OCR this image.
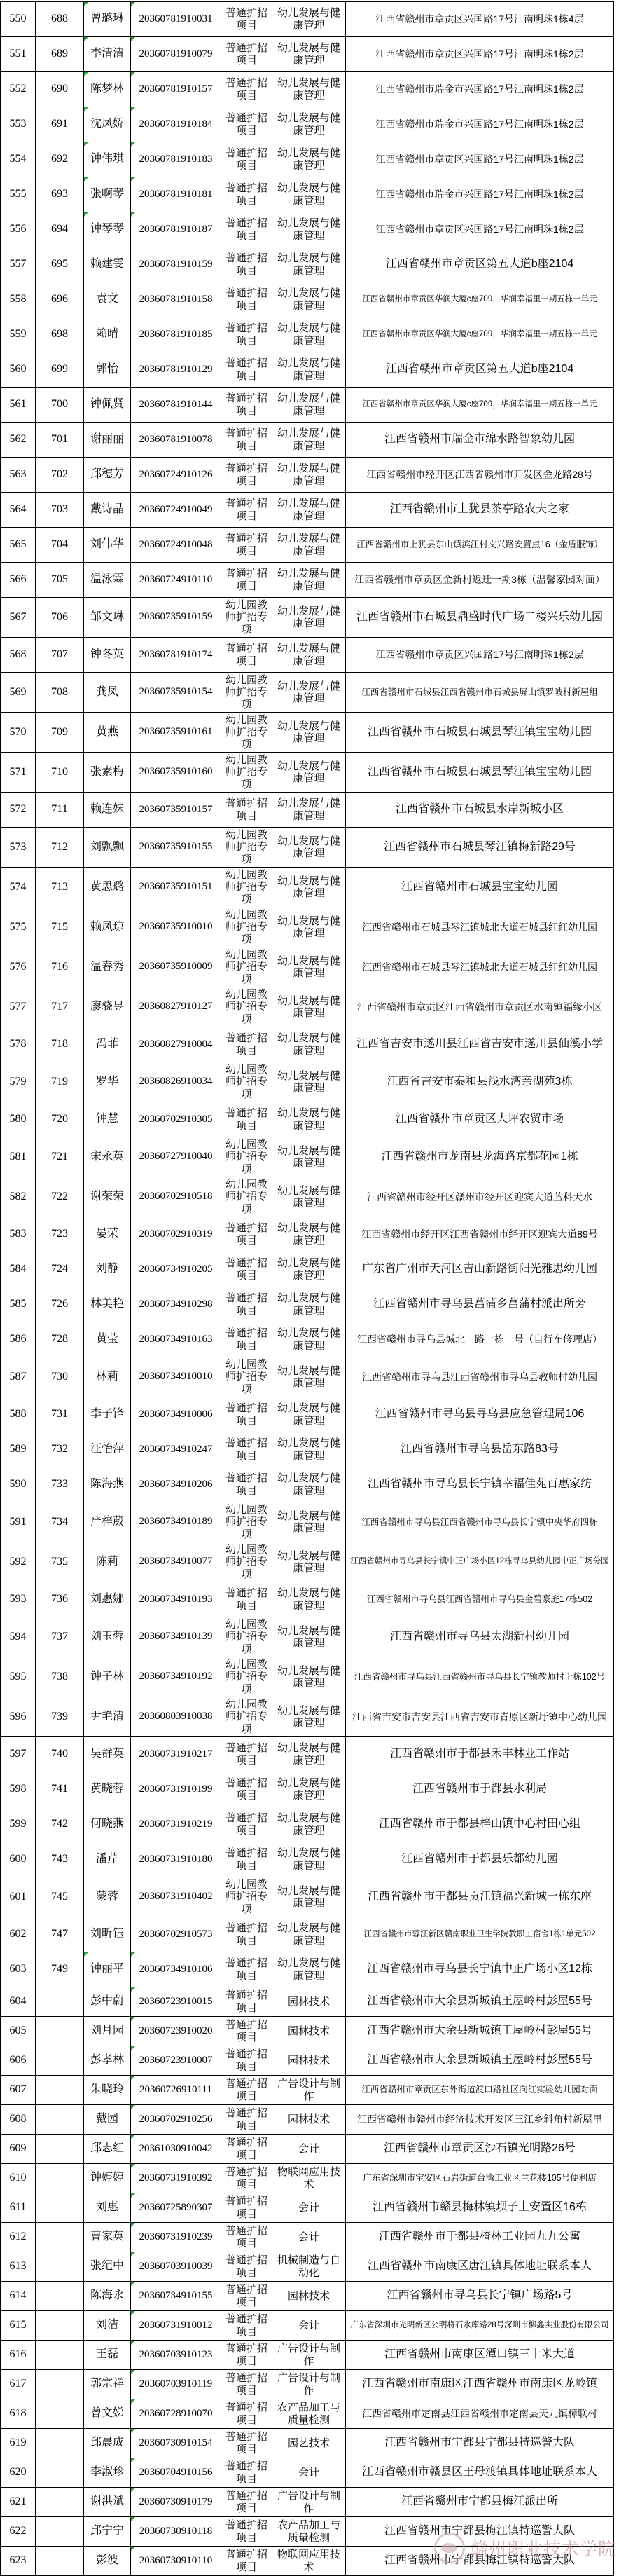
550	688	曾璐琳	20360781910031	普通扩招项目	幼儿发展与健康管理	江西省赣州市章贡区兴国路17号江南明珠1栋4层
551	689	李清清	20360781910079	普通扩招项目	幼儿发展与健康管理	江西省赣州市章贡区兴国路17号江南明珠1栋2层
552	690	陈梦林	20360781910157	普通扩招项目	幼儿发展与健康管理	江西省赣州市瑞金市兴国路17号江南明珠1栋2层
553	691	沈凤娇	20360781910184	普通扩招项目	幼儿发展与健康管理	江西省赣州市瑞金市兴国路17号江南明珠1栋2层
554	692	钟伟琪	20360781910183	普通扩招项目	幼儿发展与健康管理	江西省赣州市章贡区兴国路17号江南明珠1栋2层
555	693	张啊琴	20360781910181	普通扩招项目	幼儿发展与健康管理	江西省赣州市瑞金市兴国路17号江南明珠1栋2层
556	694	钟琴琴	20360781910187	普通扩招项目	幼儿发展与健康管理	江西省赣州市章贡区兴国路17号江南明珠1栋2层
557	695	赖建雯	20360781910159	普通扩招项目	幼儿发展与健康管理	江西省赣州市章贡区第五大道b座2104
558	696	袁文	20360781910158	普通扩招项目	幼儿发展与健康管理	江西省赣州市章贡区华润大厦c座709，华润幸福里一期五栋一单元
559	698	赖晴	20360781910185	普通扩招项目	幼儿发展与健康管理	江西省赣州市章贡区华润大厦c座709，华润幸福里一期五栋一单元
560	699	郭怡	20360781910129	普通扩招项目	幼儿发展与健康管理	江西省赣州市章贡区第五大道b座2104
561	700	钟佩贤	20360781910144	普通扩招项目	幼儿发展与健康管理	江西省赣州市章贡区华润大厦c座709，华润幸福里一期五栋一单元
562	701	谢丽丽	20360781910078	普通扩招项目	幼儿发展与健康管理	江西省赣州市瑞金市绵水路智象幼儿园
563	702	邱穗芳	20360724910126	普通扩招项目	幼儿发展与健康管理	江西省赣州市经开区江西省赣州市开发区金龙路28号
564	703	戴诗晶	20360724910049	普通扩招项目	幼儿发展与健康管理	江西省赣州市上犹县茶亭路农夫之家
565	704	刘伟华	20360724910048	普通扩招项目	幼儿发展与健康管理	江西省赣州市上犹县东山镇滨江村文兴路安置点16（金盾服饰）
566	705	温泳霖	20360724910110	普通扩招项目	幼儿发展与健康管理	江西省赣州市章贡区金新村返迁一期3栋（温馨家园对面）
567	706	邹文琳	20360735910159	幼儿园教师扩招专项	幼儿发展与健康管理	江西省赣州市石城县鼎盛时代广场二楼兴乐幼儿园
568	707	钟冬英	20360781910174	普通扩招项目	幼儿发展与健康管理	江西省赣州市章贡区兴国路17号江南明珠1栋2层
569	708	龚凤	20360735910154	幼儿园教师扩招专项	幼儿发展与健康管理	江西省赣州市石城县江西省赣州市石城县屏山镇罗陂村新屋组
570	709	黄燕	20360735910161	幼儿园教师扩招专项	幼儿发展与健康管理	江西省赣州市石城县石城县琴江镇宝宝幼儿园
571	710	张素梅	20360735910160	幼儿园教师扩招专项	幼儿发展与健康管理	江西省赣州市石城县石城县琴江镇宝宝幼儿园
572	711	赖连妹	20360735910157	普通扩招项目	幼儿发展与健康管理	江西省赣州市石城县水岸新城小区
573	712	刘飘飘	20360735910155	幼儿园教师扩招专项	幼儿发展与健康管理	江西省赣州市石城县琴江镇梅新路29号
574	713	黄思璐	20360735910151	幼儿园教师扩招专项	幼儿发展与健康管理	江西省赣州市石城县宝宝幼儿园
575	715	赖凤琼	20360735910010	幼儿园教师扩招专项	幼儿发展与健康管理	江西省赣州市石城县琴江镇城北大道石城县红红幼儿园
576	716	温春秀	20360735910009	幼儿园教师扩招专项	幼儿发展与健康管理	江西省赣州市石城县琴江镇城北大道石城县红红幼儿园
577	717	廖骁昱	20360827910127	幼儿园教师扩招专项	幼儿发展与健康管理	江西省赣州市章贡区江西省赣州市章贡区水南镇福缘小区
578	718	冯菲	20360827910004	普通扩招项目	幼儿发展与健康管理	江西省吉安市遂川县江西省吉安市遂川县仙溪小学
579	719	罗华	20360826910034	幼儿园教师扩招专项	幼儿发展与健康管理	江西省吉安市泰和县浅水湾亲湖苑3栋
580	720	钟慧	20360702910305	普通扩招项目	幼儿发展与健康管理	江西省赣州市章贡区大坪农贸市场
581	721	宋永英	20360727910040	幼儿园教师扩招专项	幼儿发展与健康管理	江西省赣州市龙南县龙海路京都花园1栋
582	722	谢荣荣	20360702910518	幼儿园教师扩招专项	幼儿发展与健康管理	江西省赣州市经开区赣州市经开区迎宾大道蓝科天水
583	723	晏荣	20360702910319	普通扩招项目	幼儿发展与健康管理	江西省赣州市经开区江西省赣州市经开区迎宾大道89号
584	724	刘静	20360734910205	普通扩招项目	幼儿发展与健康管理	广东省广州市天河区吉山新路街阳光雅思幼儿园
585	726	林美艳	20360734910298	普通扩招项目	幼儿发展与健康管理	江西省赣州市寻乌县菖蒲乡菖蒲村派出所旁
586	728	黄莹	20360734910163	普通扩招项目	幼儿发展与健康管理	江西省赣州市寻乌县城北一路一栋一号（自行车修理店）
587	730	林莉	20360734910010	幼儿园教师扩招专项	幼儿发展与健康管理	江西省赣州市寻乌县江西省赣州市寻乌县教师村幼儿园
588	731	李子锋	20360734910006	普通扩招项目	幼儿发展与健康管理	江西省赣州市寻乌县寻乌县应急管理局106
589	732	汪怡萍	20360734910247	普通扩招项目	幼儿发展与健康管理	江西省赣州市寻乌县岳东路83号
590	733	陈海燕	20360734910206	普通扩招项目	幼儿发展与健康管理	江西省赣州市寻乌县长宁镇幸福佳苑百惠家纺
591	734	严梓葳	20360734910189	幼儿园教师扩招专项	幼儿发展与健康管理	江西省赣州市寻乌县江西省赣州市寻乌县长宁镇中央华府四栋
592	735	陈莉	20360734910077	幼儿园教师扩招专项	幼儿发展与健康管理	江西省赣州市寻乌县长宁镇中正广场小区12栋寻乌县幼儿园中正广场分园
593	736	刘惠娜	20360734910193	普通扩招项目	幼儿发展与健康管理	江西省赣州市寻乌县江西省赣州市寻乌县金碧豪庭17栋502
594	737	刘玉蓉	20360734910139	幼儿园教师扩招专项	幼儿发展与健康管理	江西省赣州市寻乌县太湖新村幼儿园
595	738	钟子林	20360734910192	幼儿园教师扩招专项	幼儿发展与健康管理	江西省赣州市寻乌县江西省赣州市寻乌县长宁镇教师村十栋102号
596	739	尹艳清	20360803910038	幼儿园教师扩招专项	幼儿发展与健康管理	江西省吉安市吉安县江西省吉安市青原区新圩镇中心幼儿园
597	740	吴群英	20360731910217	普通扩招项目	幼儿发展与健康管理	江西省赣州市于都县禾丰林业工作站
598	741	黄晓蓉	20360731910199	普通扩招项目	幼儿发展与健康管理	江西省赣州市于都县水利局
599	742	何晓燕	20360731910219	普通扩招项目	幼儿发展与健康管理	江西省赣州市于都县梓山镇中心村田心组
600	743	潘芹	20360731910180	普通扩招项目	幼儿发展与健康管理	江西省赣州市于都县乐都幼儿园
601	745	蒙蓉	20360731910402	幼儿园教师扩招专项	幼儿发展与健康管理	江西省赣州市于都县贡江镇福兴新城一栋东座
602	747	刘昕钰	20360702910573	普通扩招项目	幼儿发展与健康管理	江西省赣州市蓉江新区赣南职业卫生学院教职工宿舍1栋1单元502
603	749	钟丽平	20360734910106	普通扩招项目	幼儿发展与健康管理	江西省赣州市寻乌县长宁镇中正广场小区12栋
604		彭中蔚	20360723910015	普通扩招项目	园林技术	江西省赣州市大余县新城镇王屋岭村彭屋55号
605		刘月园	20360723910020	普通扩招项目	园林技术	江西省赣州市大余县新城镇王屋岭村彭屋55号
606		彭孝林	20360723910007	普通扩招项目	园林技术	江西省赣州市大余县新城镇王屋岭村彭屋55号
607		朱晓玲	20360726910111	普通扩招项目	广告设计与制作	江西省赣州市章贡区东外街道渡口路社区向红实验幼儿园对面
608		戴园	20360702910256	普通扩招项目	园林技术	江西省赣州市赣州市经济技术开发区三江乡斜角村新屋里
609		邱志红	20361030910042	普通扩招项目	会计	江西省赣州市章贡区沙石镇光明路26号
610		钟婷婷	20360731910392	普通扩招项目	物联网应用技术	广东省深圳市宝安区石岩街道台湾工业区兰花楼105号便利店
611		刘惠	20360725890307	普通扩招项目	会计	江西省赣州市赣县梅林镇坝子上安置区16栋
612		曹家英	20360731910239	普通扩招项目	会计	江西省赣州市于都县楂林工业园九九公寓
613		张纪中	20360703910039	普通扩招项目	机械制造与自动化	江西省赣州市南康区唐江镇具体地址联系本人
614		陈海永	20360734910155	普通扩招项目	园林技术	江西省赣州市寻乌县长宁镇广场路5号
615		刘洁	20360731910012	普通扩招项目	会计	广东省深圳市光明新区公明将石水库路28号深圳市柳鑫实业股份有限公司
616		王磊	20360703910123	普通扩招项目	广告设计与制作	江西省赣州市南康区潭口镇三十米大道
617		郭宗祥	20360703910119	普通扩招项目	广告设计与制作	江西省赣州市南康区江西省赣州市南康区龙岭镇
618		曾文娣	20360728910070	普通扩招项目	农产品加工与质量检测	江西省赣州市定南县江西省赣州市定南县天九镇樟联村
619		邱晨成	20360730910154	普通扩招项目	园艺技术	江西省赣州市宁都县宁都县特巡警大队
620		李淑珍	20360704910156	普通扩招项目	会计	江西省赣州市赣县区王母渡镇具体地址联系本人
621		谢洪斌	20360730910179	普通扩招项目	广告设计与制作	江西省赣州市宁都县梅江派出所
622		邱宁宁	20360730910118	普通扩招项目	农产品加工与质量检测	江西省赣州市宁都县梅江镇特巡警大队
623		彭波	20360730910110	普通扩招项目	物联网应用技术	江西省赣州市宁都县梅江镇特巡警大队
赣州职业技术学院
